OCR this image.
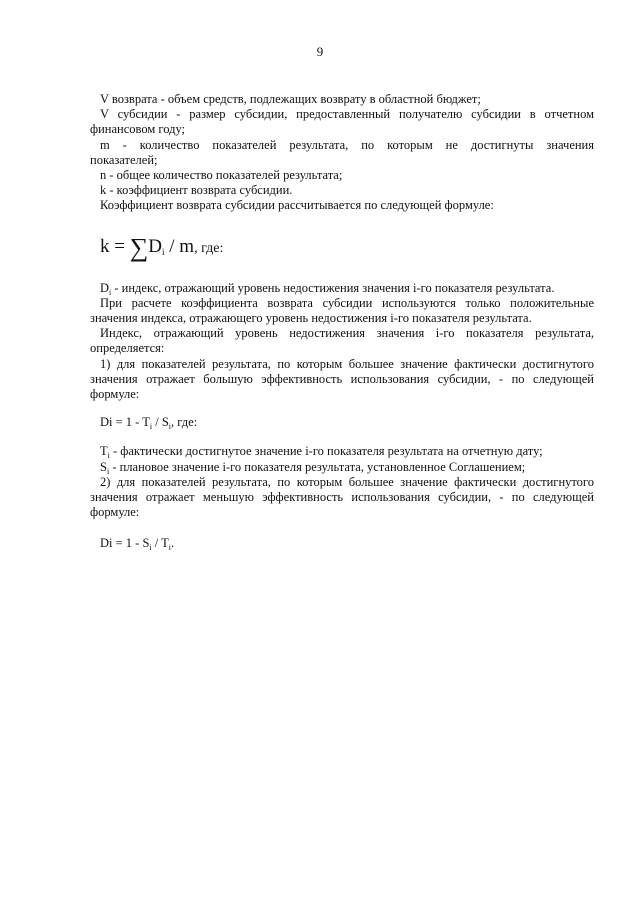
9

V возврата - объем средств, подлежащих возврату в областной бюджет;

V субсидии - размер субсидии, предоставленный получателю субсидии в отчетном

финансовом году;

m - количество показателей результата, по которым не достигнуты значения

показателей;

n - общее количество показателей результата;

k - коэффициент возврата субсидии.

Коэффициент возврата субсидии рассчитывается по следующей формуле:

$k = \sum D_i / m$, где:

$D_i$ - индекс, отражающий уровень недостижения значения i-го показателя результата.

При расчете коэффициента возврата субсидии используются только положительные

значения индекса, отражающего уровень недостижения i-го показателя результата.

Индекс, отражающий уровень недостижения значения i-го показателя результата,

определяется:

1) для показателей результата, по которым большее значение фактически достигнутого

значения отражает большую эффективность использования субсидии, - по следующей формуле:

$Di = 1 - T_i / S_i$, где:

$T_i$ - фактически достигнутое значение i-го показателя результата на отчетную дату;

$S_i$ - плановое значение i-го показателя результата, установленное Соглашением;

2) для показателей результата, по которым большее значение фактически достигнутого

значения отражает меньшую эффективность использования субсидии, - по следующей

формуле:

$Di = 1 - S_i / T_i$.
